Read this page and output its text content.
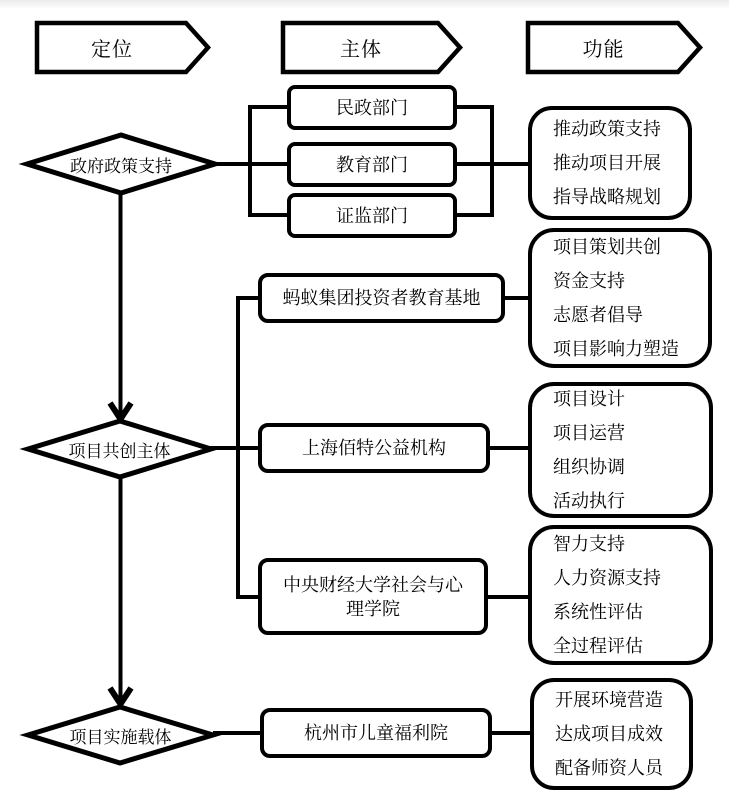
定位	主体	功能
政府政策支持
项目共创主体
项目实施载体
民政部门
教育部门
证监部门
蚂蚁集团投资者教育基地
上海佰特公益机构
中央财经大学社会与心
理学院
杭州市儿童福利院
推动政策支持
推动项目开展
指导战略规划
项目策划共创
资金支持
志愿者倡导
项目影响力塑造
项目设计
项目运营
组织协调
活动执行
智力支持
人力资源支持
系统性评估
全过程评估
开展环境营造
达成项目成效
配备师资人员
